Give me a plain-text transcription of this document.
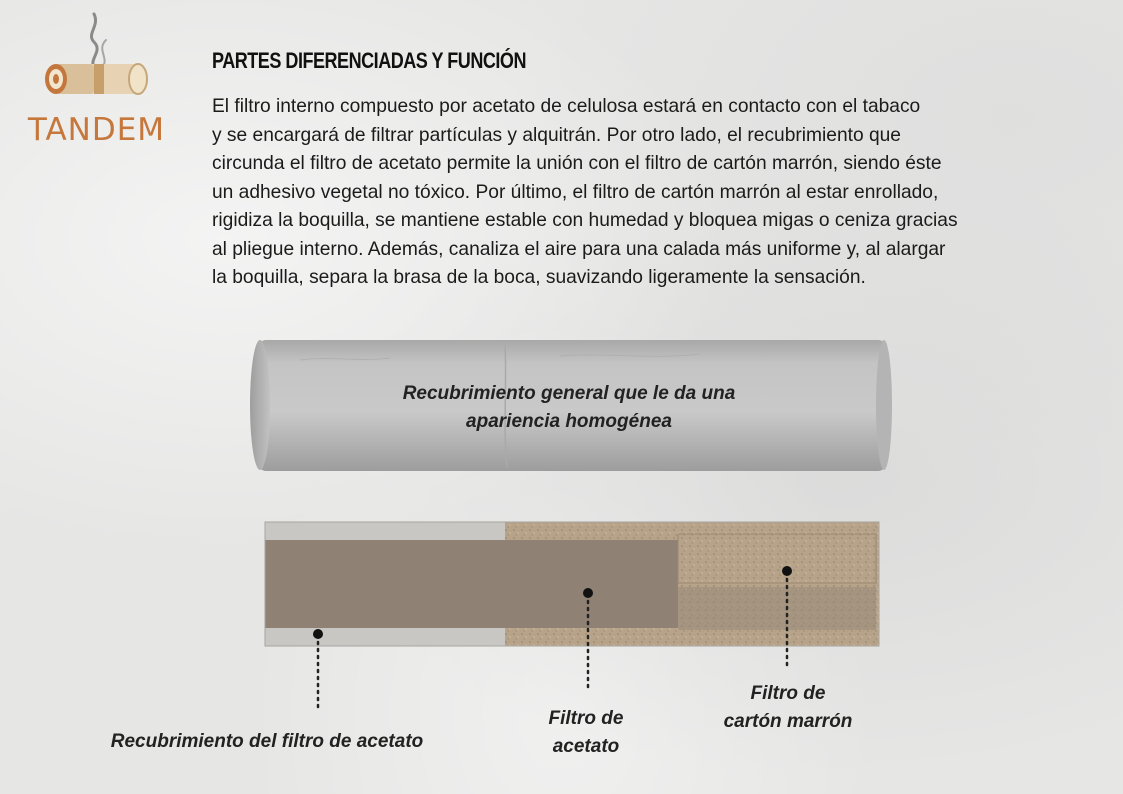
TANDEM
PARTES DIFERENCIADAS Y FUNCIÓN
El filtro interno compuesto por acetato de celulosa estará en contacto con el tabaco
y se encargará de filtrar partículas y alquitrán. Por otro lado, el recubrimiento que
circunda el filtro de acetato permite la unión con el filtro de cartón marrón, siendo éste
un adhesivo vegetal no tóxico. Por último, el filtro de cartón marrón al estar enrollado,
rigidiza la boquilla, se mantiene estable con humedad y bloquea migas o ceniza gracias
al pliegue interno. Además, canaliza el aire para una calada más uniforme y, al alargar
la boquilla, separa la brasa de la boca, suavizando ligeramente la sensación.
Recubrimiento general que le da una
apariencia homogénea
Recubrimiento del filtro de acetato
Filtro de
acetato
Filtro de
cartón marrón
